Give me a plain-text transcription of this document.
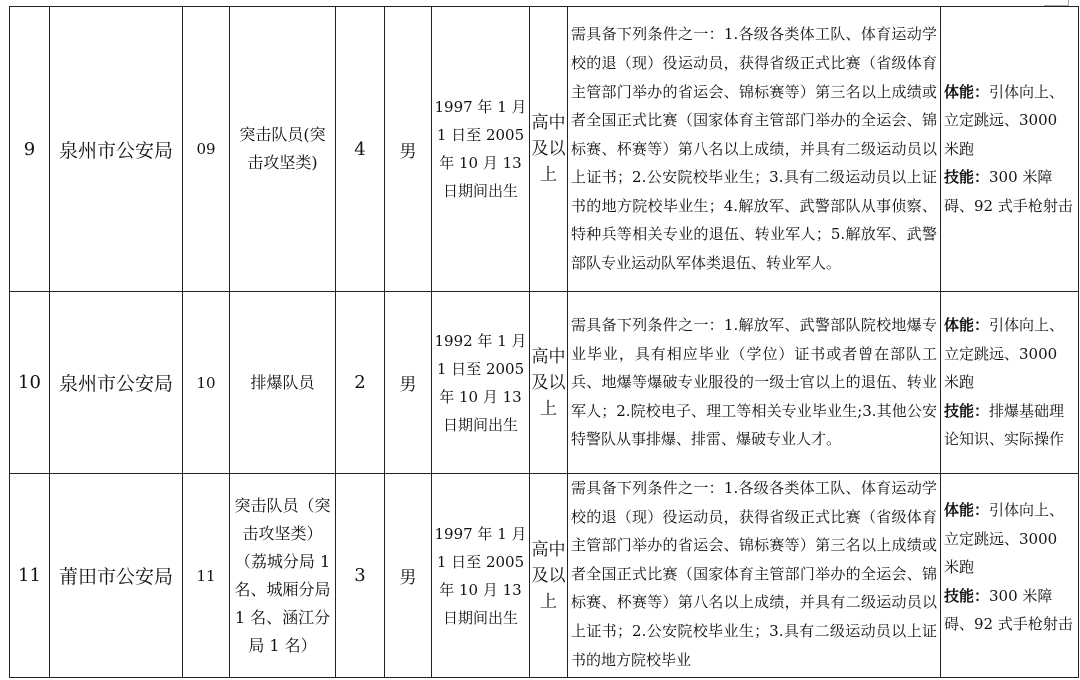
9	泉州市公安局	09	突击队员(突击攻坚类)	4	男	1997 年 1 月 1 日至 2005 年 10 月 13 日期间出生	高中及以上	需具备下列条件之一：1.各级各类体工队、体育运动学校的退（现）役运动员，获得省级正式比赛（省级体育主管部门举办的省运会、锦标赛等）第三名以上成绩或者全国正式比赛（国家体育主管部门举办的全运会、锦标赛、杯赛等）第八名以上成绩，并具有二级运动员以上证书；2.公安院校毕业生；3.具有二级运动员以上证书的地方院校毕业生；4.解放军、武警部队从事侦察、特种兵等相关专业的退伍、转业军人；5.解放军、武警部队专业运动队军体类退伍、转业军人。	体能：引体向上、立定跳远、3000 米跑
技能：300 米障碍、92 式手枪射击
10	泉州市公安局	10	排爆队员	2	男	1992 年 1 月 1 日至 2005 年 10 月 13 日期间出生	高中及以上	需具备下列条件之一：1.解放军、武警部队院校地爆专业毕业，具有相应毕业（学位）证书或者曾在部队工兵、地爆等爆破专业服役的一级士官以上的退伍、转业军人；2.院校电子、理工等相关专业毕业生;3.其他公安特警队从事排爆、排雷、爆破专业人才。	体能：引体向上、立定跳远、3000 米跑
技能：排爆基础理论知识、实际操作
11	莆田市公安局	11	突击队员（突击攻坚类）（荔城分局 1 名、城厢分局 1 名、涵江分局 1 名）	3	男	1997 年 1 月 1 日至 2005 年 10 月 13 日期间出生	高中及以上	需具备下列条件之一：1.各级各类体工队、体育运动学校的退（现）役运动员，获得省级正式比赛（省级体育主管部门举办的省运会、锦标赛等）第三名以上成绩或者全国正式比赛（国家体育主管部门举办的全运会、锦标赛、杯赛等）第八名以上成绩，并具有二级运动员以上证书；2.公安院校毕业生；3.具有二级运动员以上证书的地方院校毕业	体能：引体向上、立定跳远、3000 米跑
技能：300 米障碍、92 式手枪射击
